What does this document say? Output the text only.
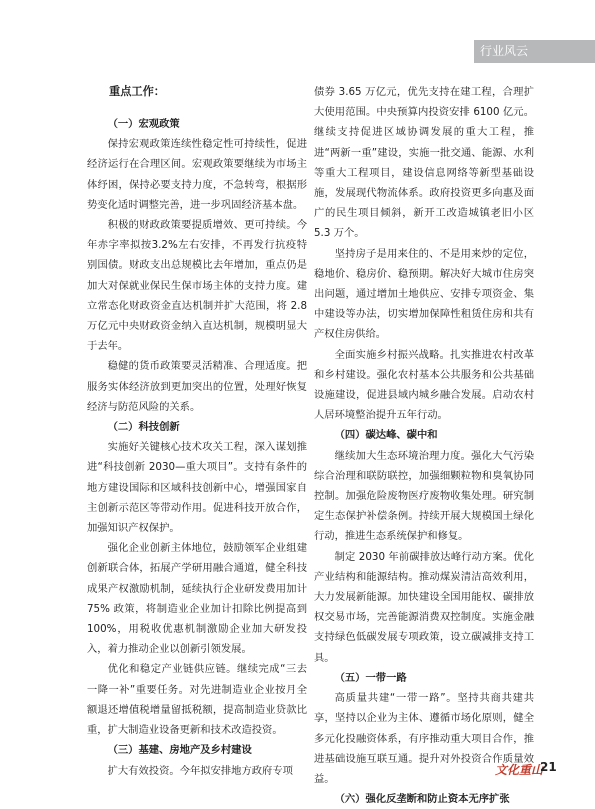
行业风云
重点工作：
（一）宏观政策

保持宏观政策连续性稳定性可持续性，促进经济运行在合理区间。宏观政策要继续为市场主体纾困，保持必要支持力度，不急转弯，根据形势变化适时调整完善，进一步巩固经济基本盘。

积极的财政政策要提质增效、更可持续。今年赤字率拟按3.2%左右安排，不再发行抗疫特别国债。财政支出总规模比去年增加，重点仍是加大对保就业保民生保市场主体的支持力度。建立常态化财政资金直达机制并扩大范围，将 2.8 万亿元中央财政资金纳入直达机制，规模明显大于去年。

稳健的货币政策要灵活精准、合理适度。把服务实体经济放到更加突出的位置，处理好恢复经济与防范风险的关系。

（二）科技创新

实施好关键核心技术攻关工程，深入谋划推进“科技创新 2030—重大项目”。支持有条件的地方建设国际和区域科技创新中心，增强国家自主创新示范区等带动作用。促进科技开放合作，加强知识产权保护。

强化企业创新主体地位，鼓励领军企业组建创新联合体，拓展产学研用融合通道，健全科技成果产权激励机制，延续执行企业研发费用加计 75% 政策，将制造业企业加计扣除比例提高到 100%，用税收优惠机制激励企业加大研发投入，着力推动企业以创新引领发展。

优化和稳定产业链供应链。继续完成“三去一降一补”重要任务。对先进制造业企业按月全额退还增值税增量留抵税额，提高制造业贷款比重，扩大制造业设备更新和技术改造投资。

（三）基建、房地产及乡村建设

扩大有效投资。今年拟安排地方政府专项

债券 3.65 万亿元，优先支持在建工程，合理扩大使用范围。中央预算内投资安排 6100 亿元。继续支持促进区域协调发展的重大工程，推进“两新一重”建设，实施一批交通、能源、水利等重大工程项目，建设信息网络等新型基础设施，发展现代物流体系。政府投资更多向惠及面广的民生项目倾斜，新开工改造城镇老旧小区 5.3 万个。

坚持房子是用来住的、不是用来炒的定位，稳地价、稳房价、稳预期。解决好大城市住房突出问题，通过增加土地供应、安排专项资金、集中建设等办法，切实增加保障性租赁住房和共有产权住房供给。

全面实施乡村振兴战略。扎实推进农村改革和乡村建设。强化农村基本公共服务和公共基础设施建设，促进县域内城乡融合发展。启动农村人居环境整治提升五年行动。

（四）碳达峰、碳中和

继续加大生态环境治理力度。强化大气污染综合治理和联防联控，加强细颗粒物和臭氧协同控制。加强危险废物医疗废物收集处理。研究制定生态保护补偿条例。持续开展大规模国土绿化行动，推进生态系统保护和修复。

制定 2030 年前碳排放达峰行动方案。优化产业结构和能源结构。推动煤炭清洁高效利用，大力发展新能源。加快建设全国用能权、碳排放权交易市场，完善能源消费双控制度。实施金融支持绿色低碳发展专项政策，设立碳减排支持工具。

（五）一带一路

高质量共建“一带一路”。坚持共商共建共享，坚持以企业为主体、遵循市场化原则，健全多元化投融资体系，有序推动重大项目合作，推进基础设施互联互通。提升对外投资合作质量效益。

（六）强化反垄断和防止资本无序扩张
文化重山
21
